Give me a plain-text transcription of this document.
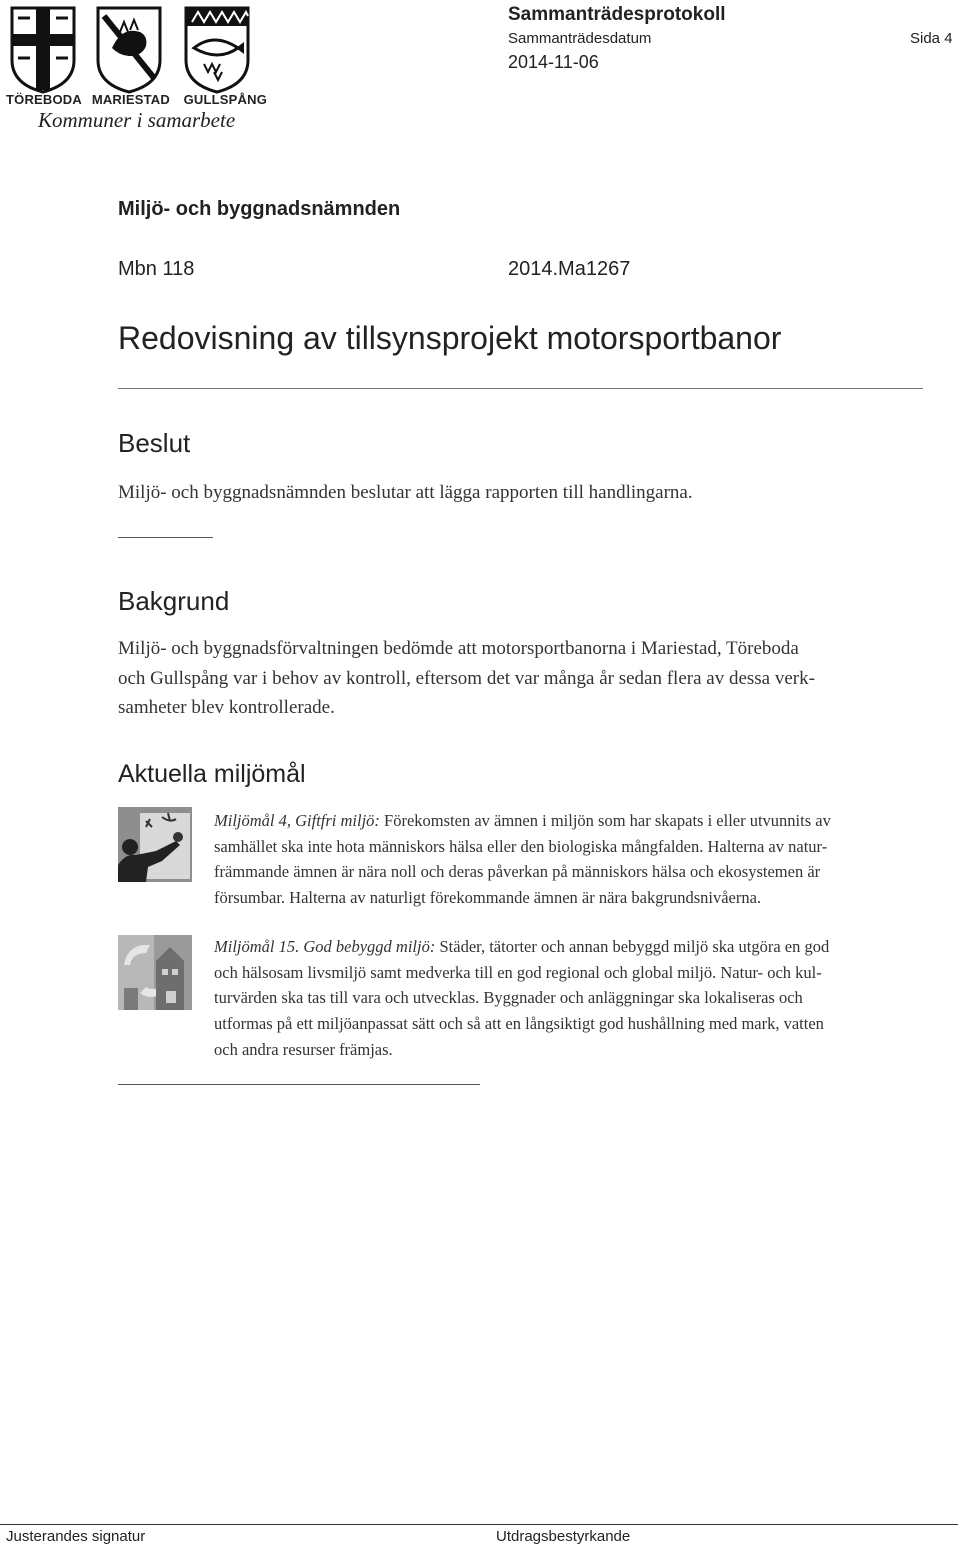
TÖREBODA MARIESTAD GULLSPÅNG
Kommuner i samarbete
Sammanträdesprotokoll
Sammanträdesdatum	Sida 4
2014-11-06
Miljö- och byggnadsnämnden
Mbn 118	2014.Ma1267
Redovisning av tillsynsprojekt motorsportbanor
Beslut
Miljö- och byggnadsnämnden beslutar att lägga rapporten till handlingarna.
Bakgrund
Miljö- och byggnadsförvaltningen bedömde att motorsportbanorna i Mariestad, Töreboda
och Gullspång var i behov av kontroll, eftersom det var många år sedan flera av dessa verk-
samheter blev kontrollerade.
Aktuella miljömål
Miljömål 4, Giftfri miljö: Förekomsten av ämnen i miljön som har skapats i eller utvunnits av
samhället ska inte hota människors hälsa eller den biologiska mångfalden. Halterna av natur-
främmande ämnen är nära noll och deras påverkan på människors hälsa och ekosystemen är
försumbar. Halterna av naturligt förekommande ämnen är nära bakgrundsnivåerna.
Miljömål 15. God bebyggd miljö: Städer, tätorter och annan bebyggd miljö ska utgöra en god
och hälsosam livsmiljö samt medverka till en god regional och global miljö. Natur- och kul-
turvärden ska tas till vara och utvecklas. Byggnader och anläggningar ska lokaliseras och
utformas på ett miljöanpassat sätt och så att en långsiktigt god hushållning med mark, vatten
och andra resurser främjas.
Justerandes signatur	Utdragsbestyrkande
